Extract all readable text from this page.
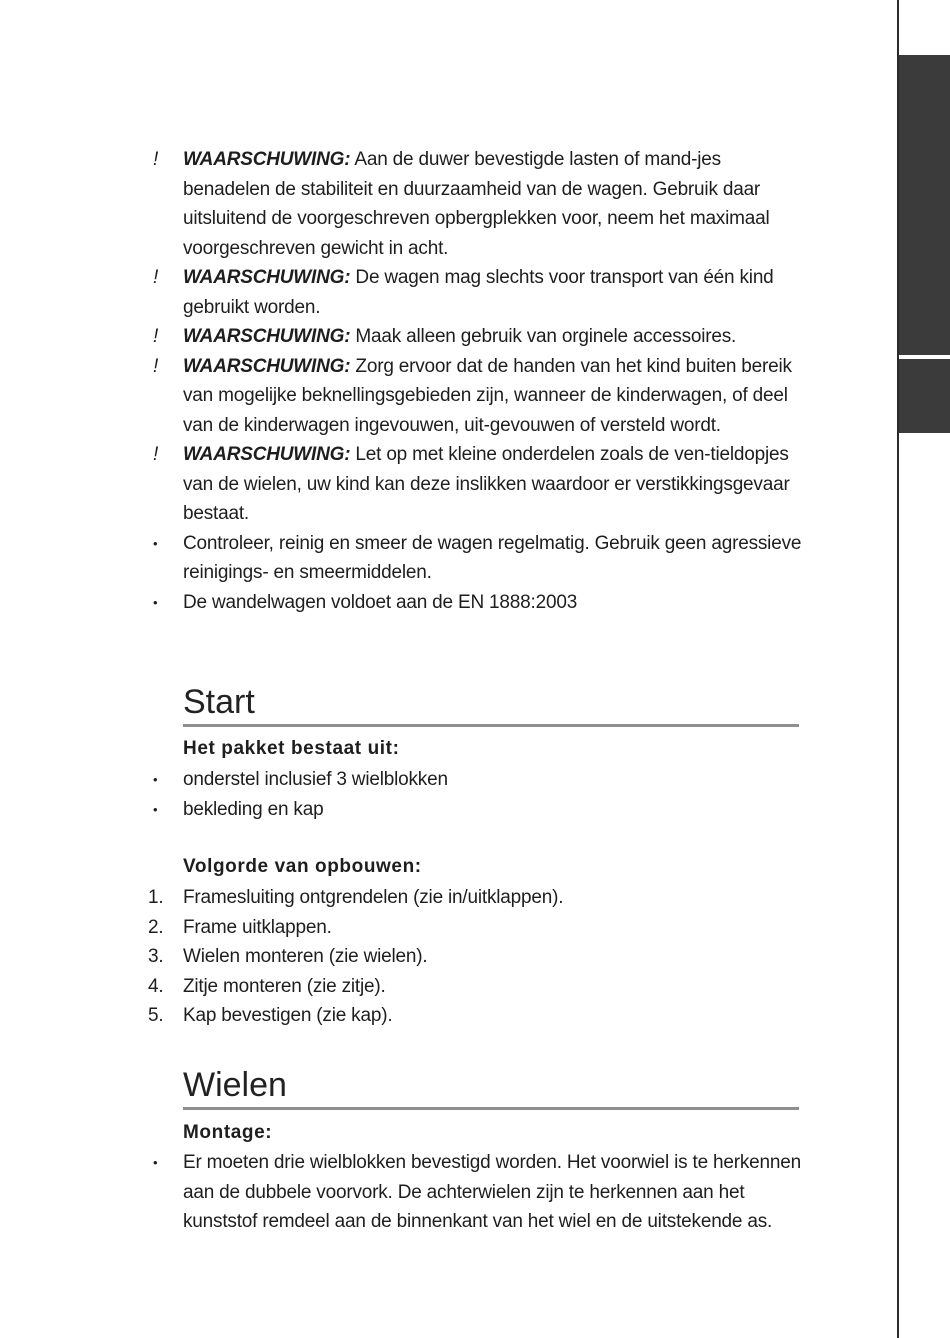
!	WAARSCHUWING: Aan de duwer bevestigde lasten of mand-jes benadelen de stabiliteit en duurzaamheid van de wagen. Gebruik daar uitsluitend de voorgeschreven opbergplekken voor, neem het maximaal voorgeschreven gewicht in acht.
!	WAARSCHUWING: De wagen mag slechts voor transport van één kind gebruikt worden.
!	WAARSCHUWING: Maak alleen gebruik van orginele accessoires.
!	WAARSCHUWING: Zorg ervoor dat de handen van het kind buiten bereik van mogelijke beknellingsgebieden zijn, wanneer de kinderwagen, of deel van de kinderwagen ingevouwen, uit-gevouwen of versteld wordt.
!	WAARSCHUWING: Let op met kleine onderdelen zoals de ven-tieldopjes van de wielen, uw kind kan deze inslikken waardoor er verstikkingsgevaar bestaat.
•	Controleer, reinig en smeer de wagen regelmatig. Gebruik geen agressieve reinigings- en smeermiddelen.
•	De wandelwagen voldoet aan de EN 1888:2003
Start
Het pakket bestaat uit:
•	onderstel inclusief 3 wielblokken
•	bekleding en kap
Volgorde van opbouwen:
1.	Framesluiting ontgrendelen (zie in/uitklappen).
2.	Frame uitklappen.
3.	Wielen monteren (zie wielen).
4.	Zitje monteren (zie zitje).
5.	Kap bevestigen (zie kap).
Wielen
Montage:
•	Er moeten drie wielblokken bevestigd worden. Het voorwiel is te herkennen aan de dubbele voorvork. De achterwielen zijn te herkennen aan het kunststof remdeel aan de binnenkant van het wiel en de uitstekende as.
